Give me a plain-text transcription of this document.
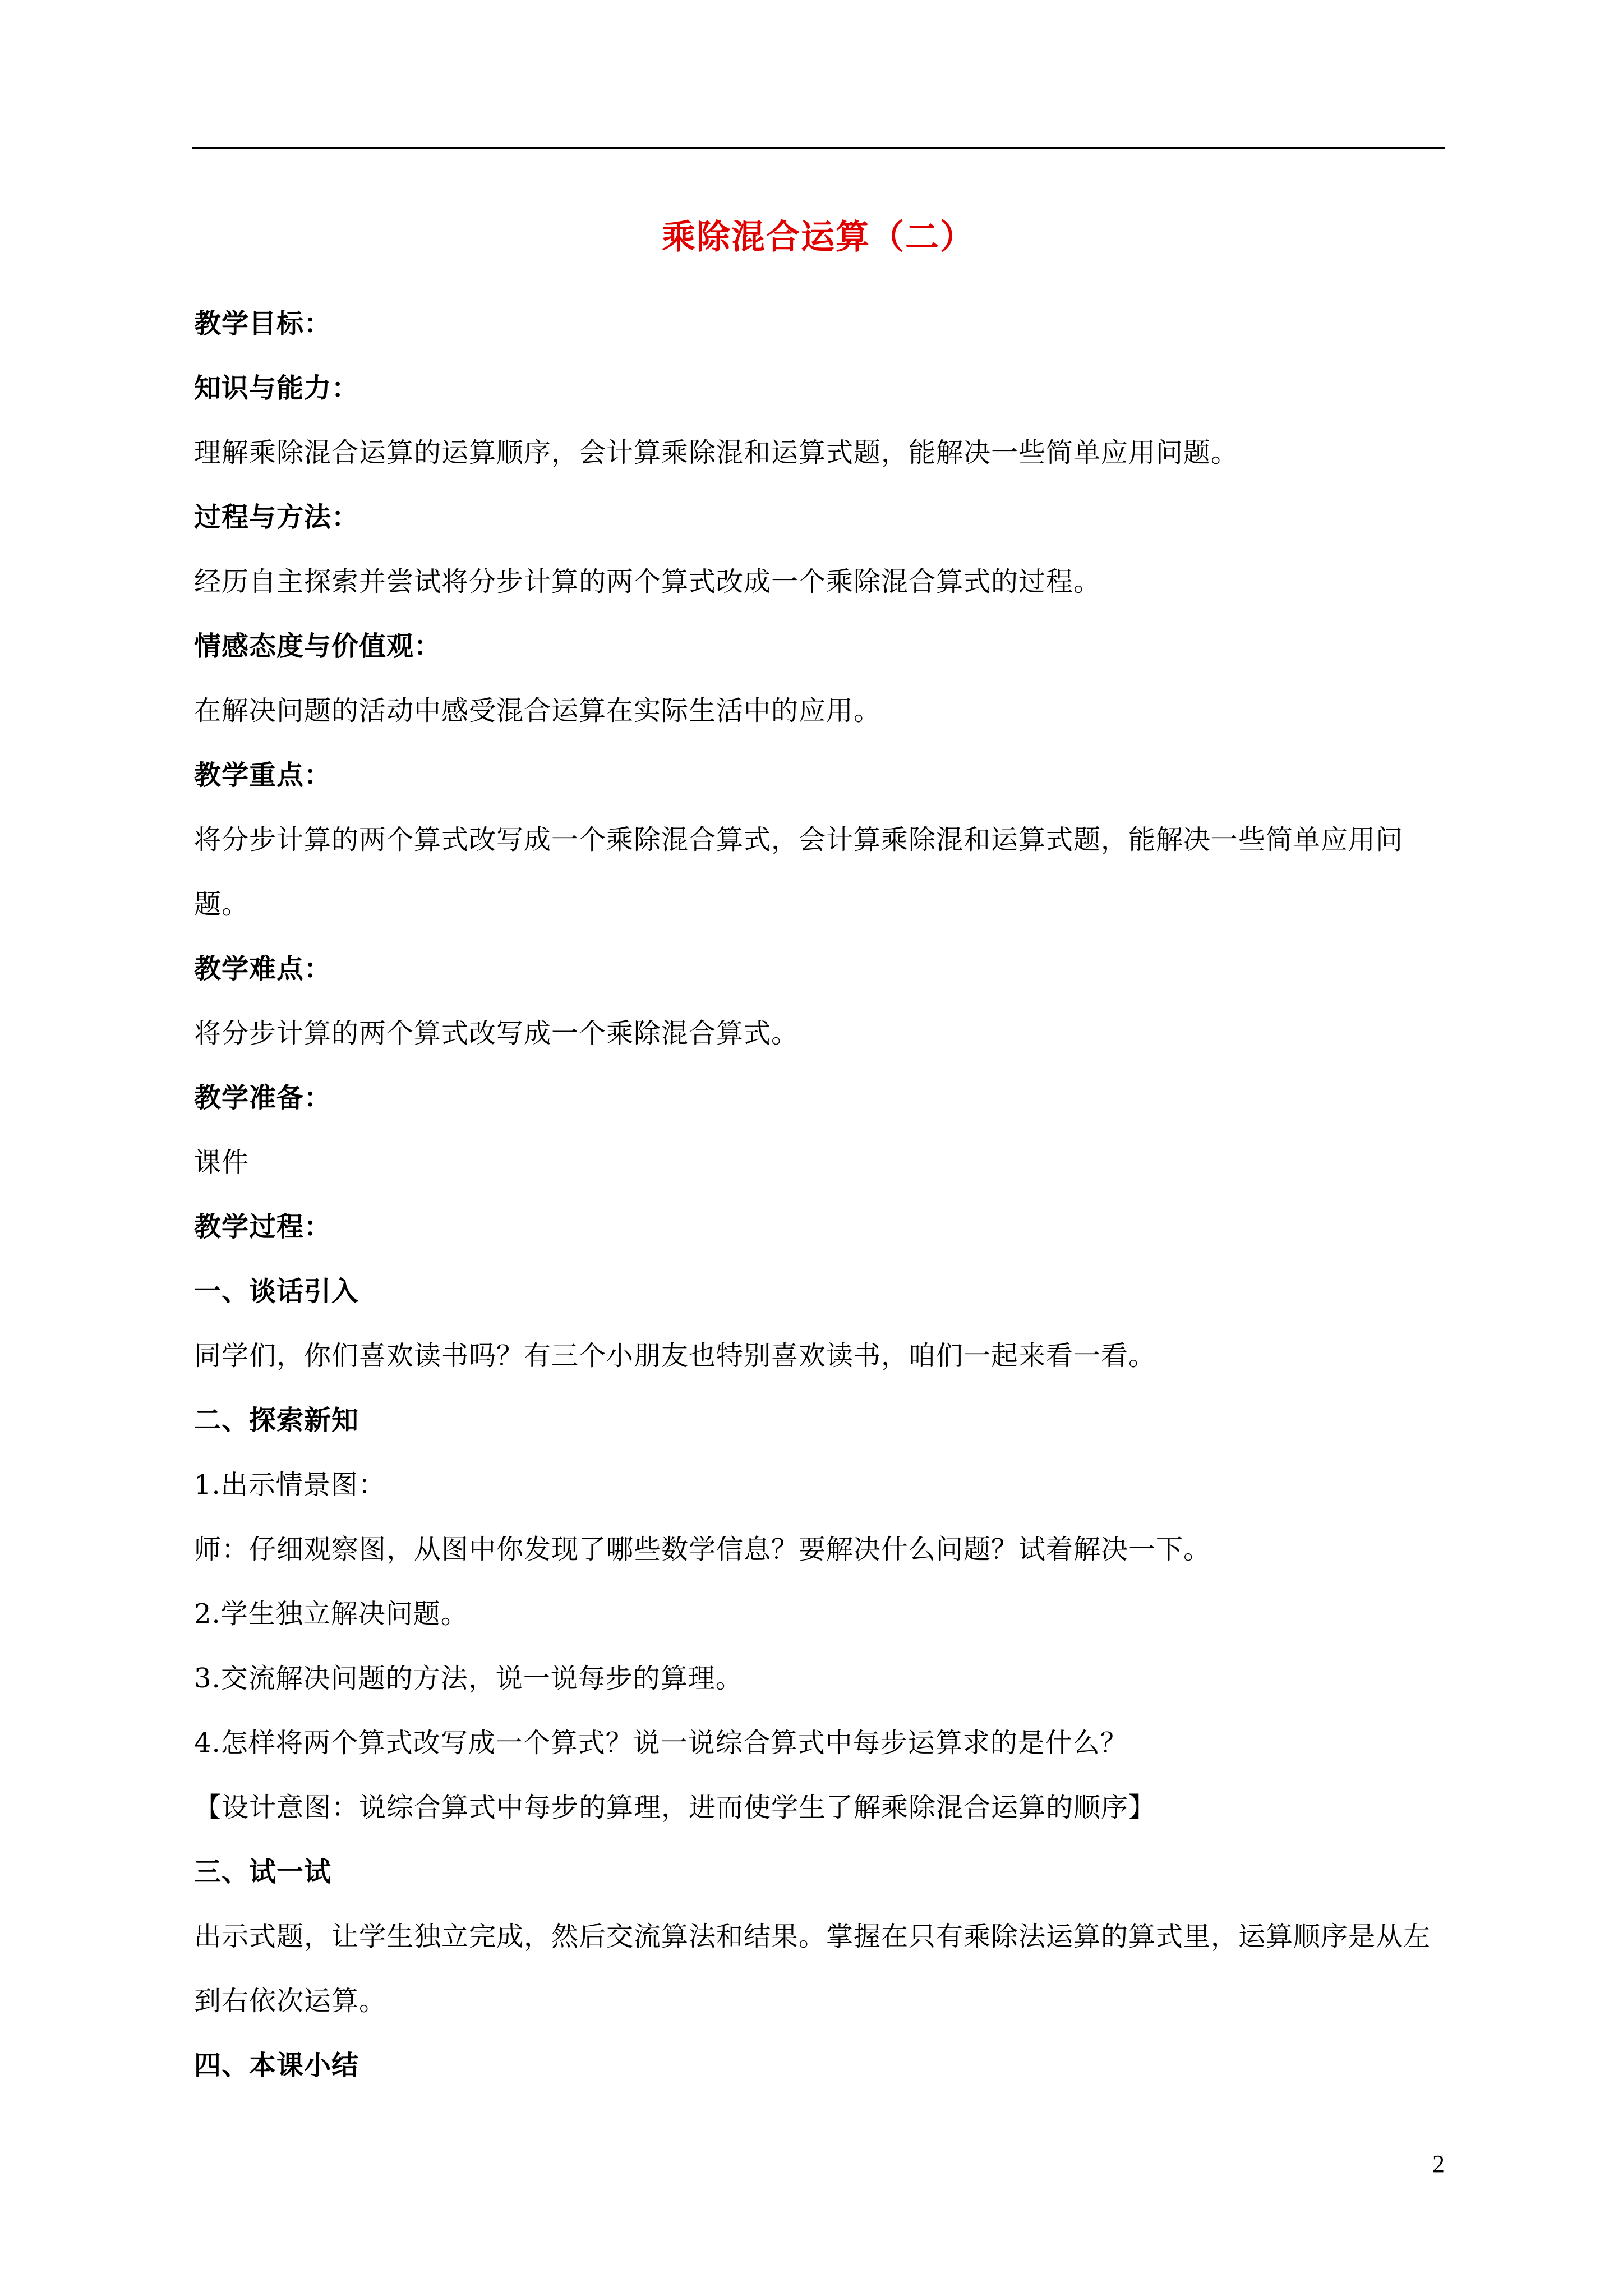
乘除混合运算（二）
教学目标：
知识与能力：
理解乘除混合运算的运算顺序，会计算乘除混和运算式题，能解决一些简单应用问题。
过程与方法：
经历自主探索并尝试将分步计算的两个算式改成一个乘除混合算式的过程。
情感态度与价值观：
在解决问题的活动中感受混合运算在实际生活中的应用。
教学重点：
将分步计算的两个算式改写成一个乘除混合算式，会计算乘除混和运算式题，能解决一些简单应用问题。
教学难点：
将分步计算的两个算式改写成一个乘除混合算式。
教学准备：
课件
教学过程：
一、谈话引入
同学们，你们喜欢读书吗？有三个小朋友也特别喜欢读书，咱们一起来看一看。
二、探索新知
1.出示情景图：
师：仔细观察图，从图中你发现了哪些数学信息？要解决什么问题？试着解决一下。
2.学生独立解决问题。
3.交流解决问题的方法，说一说每步的算理。
4.怎样将两个算式改写成一个算式？说一说综合算式中每步运算求的是什么？
【设计意图：说综合算式中每步的算理，进而使学生了解乘除混合运算的顺序】
三、试一试
出示式题，让学生独立完成，然后交流算法和结果。掌握在只有乘除法运算的算式里，运算顺序是从左到右依次运算。
四、本课小结
2
